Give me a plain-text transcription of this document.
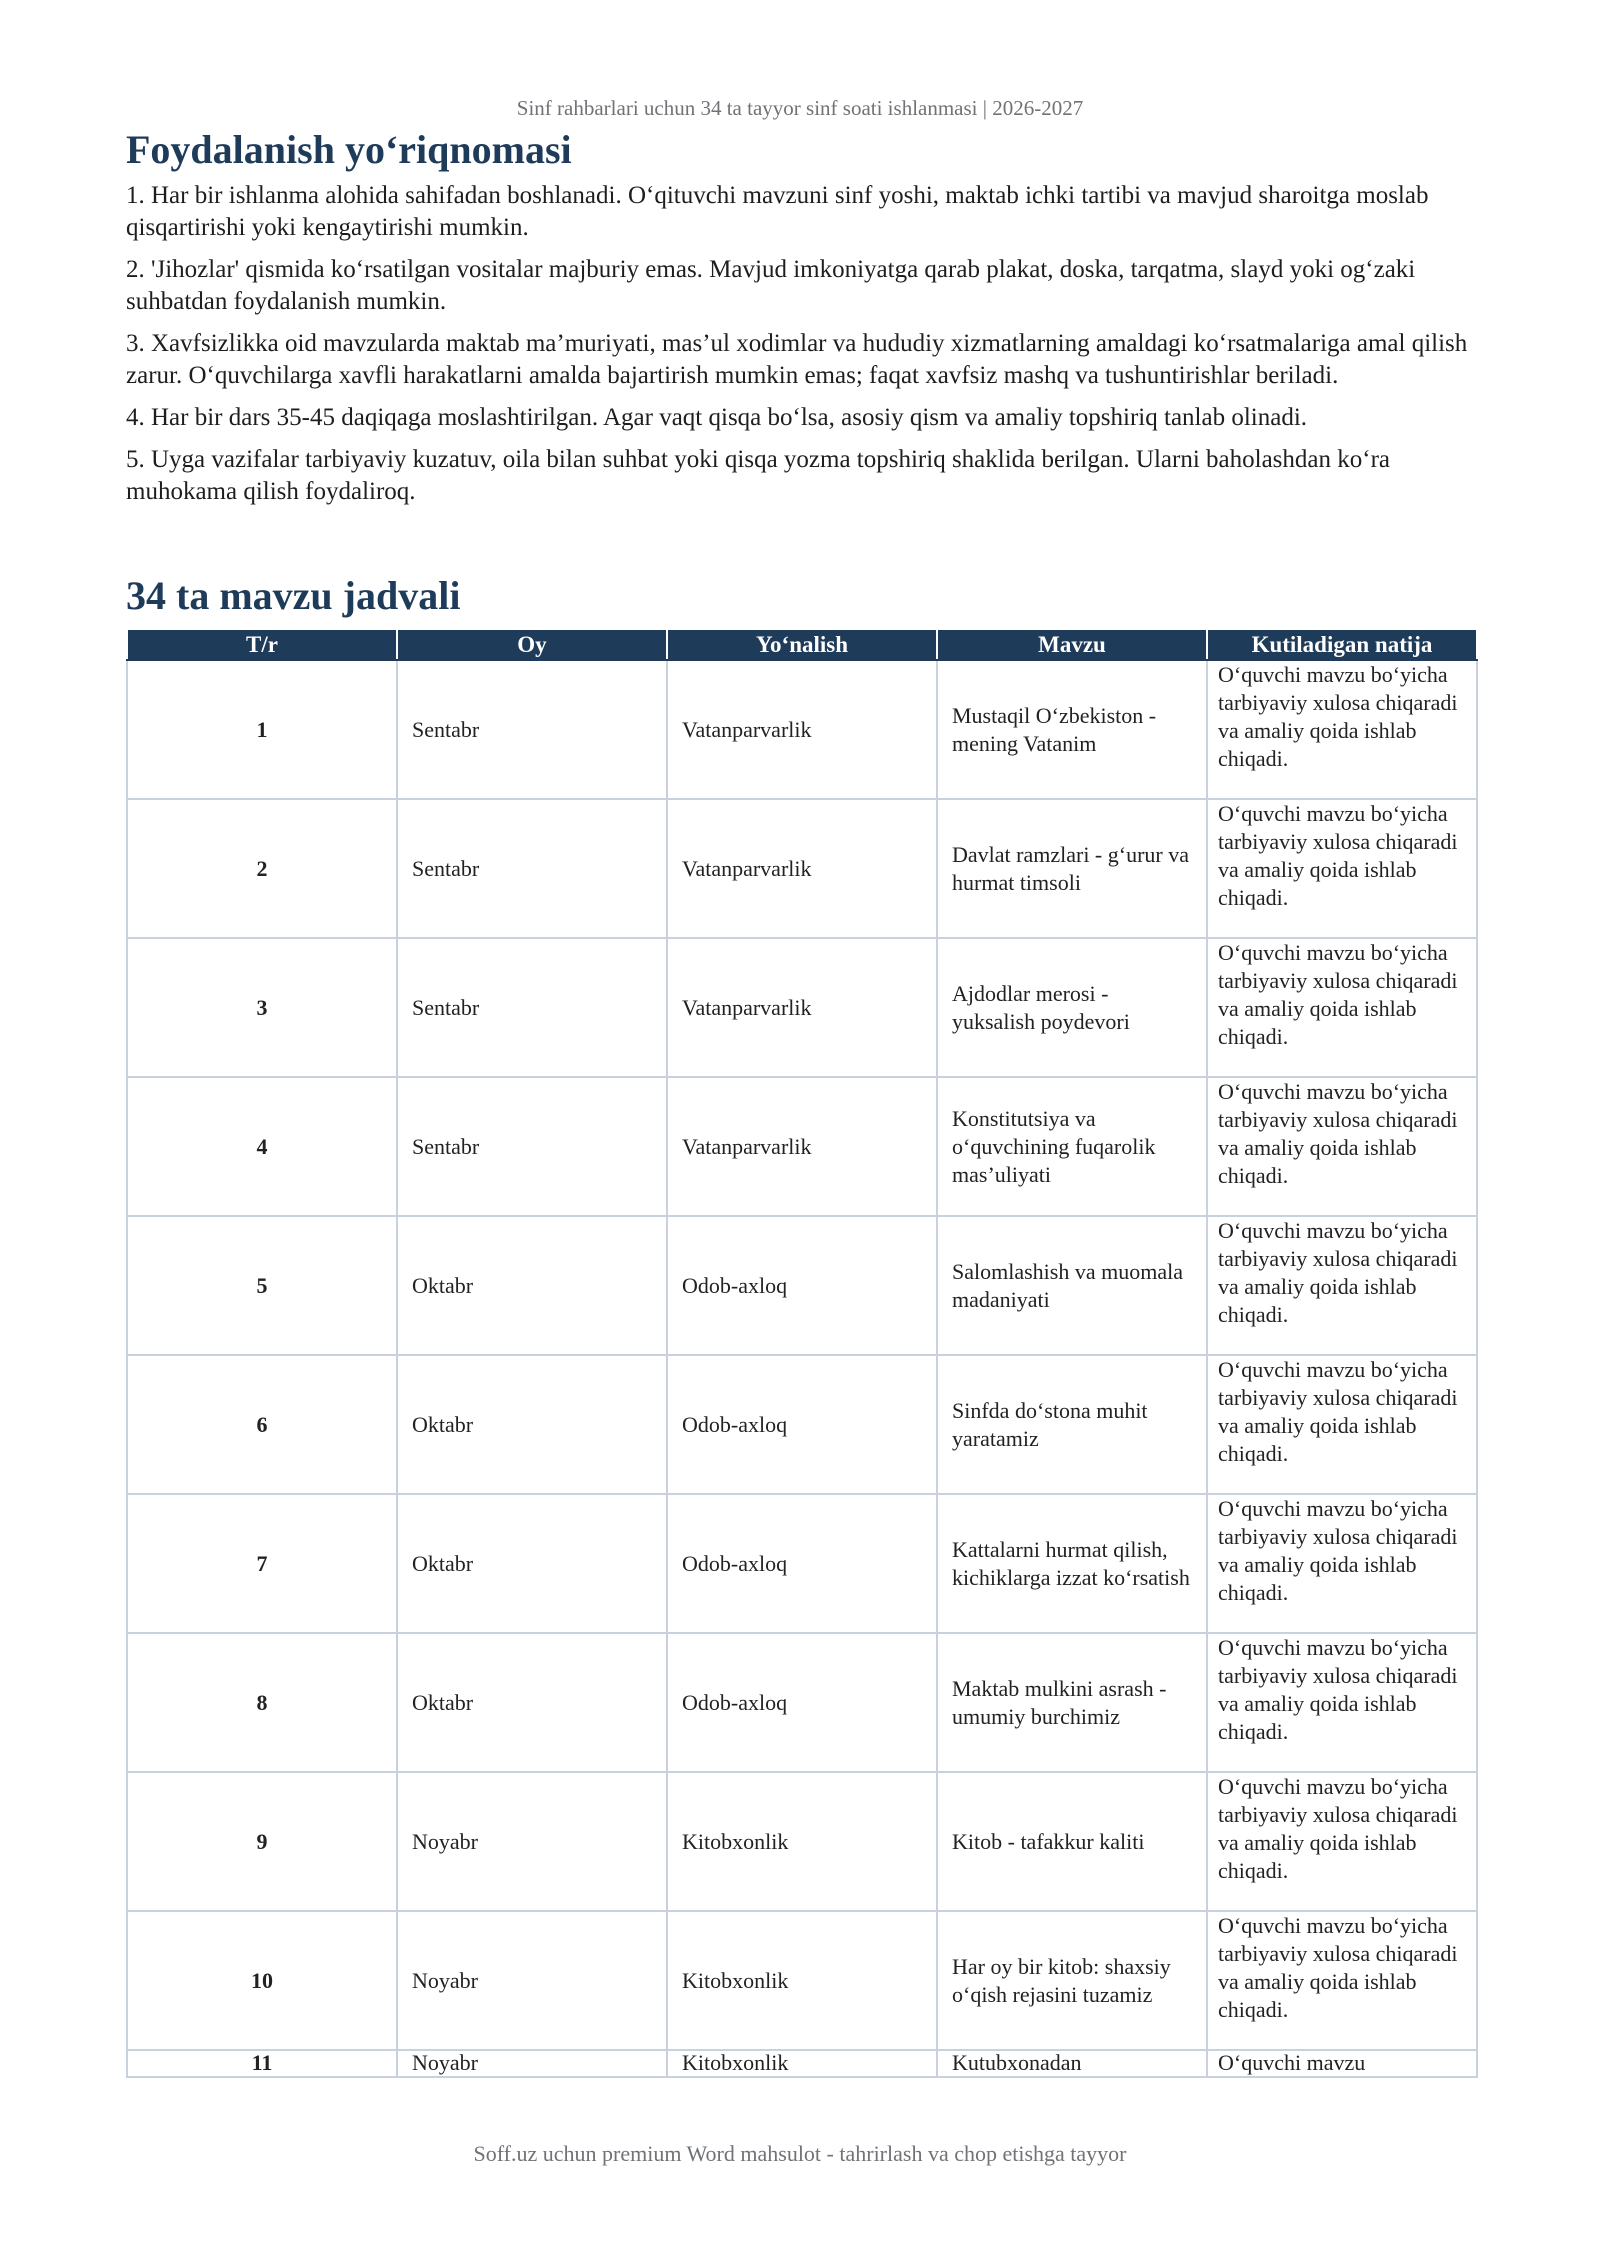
Sinf rahbarlari uchun 34 ta tayyor sinf soati ishlanmasi | 2026-2027
Foydalanish yo‘riqnomasi

1. Har bir ishlanma alohida sahifadan boshlanadi. O‘qituvchi mavzuni sinf yoshi, maktab ichki tartibi va mavjud sharoitga moslab qisqartirishi yoki kengaytirishi mumkin.

2. 'Jihozlar' qismida ko‘rsatilgan vositalar majburiy emas. Mavjud imkoniyatga qarab plakat, doska, tarqatma, slayd yoki og‘zaki suhbatdan foydalanish mumkin.

3. Xavfsizlikka oid mavzularda maktab ma’muriyati, mas’ul xodimlar va hududiy xizmatlarning amaldagi ko‘rsatmalariga amal qilish zarur. O‘quvchilarga xavfli harakatlarni amalda bajartirish mumkin emas; faqat xavfsiz mashq va tushuntirishlar beriladi.

4. Har bir dars 35-45 daqiqaga moslashtirilgan. Agar vaqt qisqa bo‘lsa, asosiy qism va amaliy topshiriq tanlab olinadi.

5. Uyga vazifalar tarbiyaviy kuzatuv, oila bilan suhbat yoki qisqa yozma topshiriq shaklida berilgan. Ularni baholashdan ko‘ra muhokama qilish foydaliroq.

34 ta mavzu jadvali
T/r	Oy	Yo‘nalish	Mavzu	Kutiladigan natija
1	Sentabr	Vatanparvarlik	Mustaqil O‘zbekiston - mening Vatanim	O‘quvchi mavzu bo‘yicha tarbiyaviy xulosa chiqaradi va amaliy qoida ishlab chiqadi.
2	Sentabr	Vatanparvarlik	Davlat ramzlari - g‘urur va hurmat timsoli	O‘quvchi mavzu bo‘yicha tarbiyaviy xulosa chiqaradi va amaliy qoida ishlab chiqadi.
3	Sentabr	Vatanparvarlik	Ajdodlar merosi - yuksalish poydevori	O‘quvchi mavzu bo‘yicha tarbiyaviy xulosa chiqaradi va amaliy qoida ishlab chiqadi.
4	Sentabr	Vatanparvarlik	Konstitutsiya va o‘quvchining fuqarolik mas’uliyati	O‘quvchi mavzu bo‘yicha tarbiyaviy xulosa chiqaradi va amaliy qoida ishlab chiqadi.
5	Oktabr	Odob-axloq	Salomlashish va muomala madaniyati	O‘quvchi mavzu bo‘yicha tarbiyaviy xulosa chiqaradi va amaliy qoida ishlab chiqadi.
6	Oktabr	Odob-axloq	Sinfda do‘stona muhit yaratamiz	O‘quvchi mavzu bo‘yicha tarbiyaviy xulosa chiqaradi va amaliy qoida ishlab chiqadi.
7	Oktabr	Odob-axloq	Kattalarni hurmat qilish, kichiklarga izzat ko‘rsatish	O‘quvchi mavzu bo‘yicha tarbiyaviy xulosa chiqaradi va amaliy qoida ishlab chiqadi.
8	Oktabr	Odob-axloq	Maktab mulkini asrash - umumiy burchimiz	O‘quvchi mavzu bo‘yicha tarbiyaviy xulosa chiqaradi va amaliy qoida ishlab chiqadi.
9	Noyabr	Kitobxonlik	Kitob - tafakkur kaliti	O‘quvchi mavzu bo‘yicha tarbiyaviy xulosa chiqaradi va amaliy qoida ishlab chiqadi.
10	Noyabr	Kitobxonlik	Har oy bir kitob: shaxsiy o‘qish rejasini tuzamiz	O‘quvchi mavzu bo‘yicha tarbiyaviy xulosa chiqaradi va amaliy qoida ishlab chiqadi.
11	Noyabr	Kitobxonlik	Kutubxonadan	O‘quvchi mavzu
Soff.uz uchun premium Word mahsulot - tahrirlash va chop etishga tayyor
